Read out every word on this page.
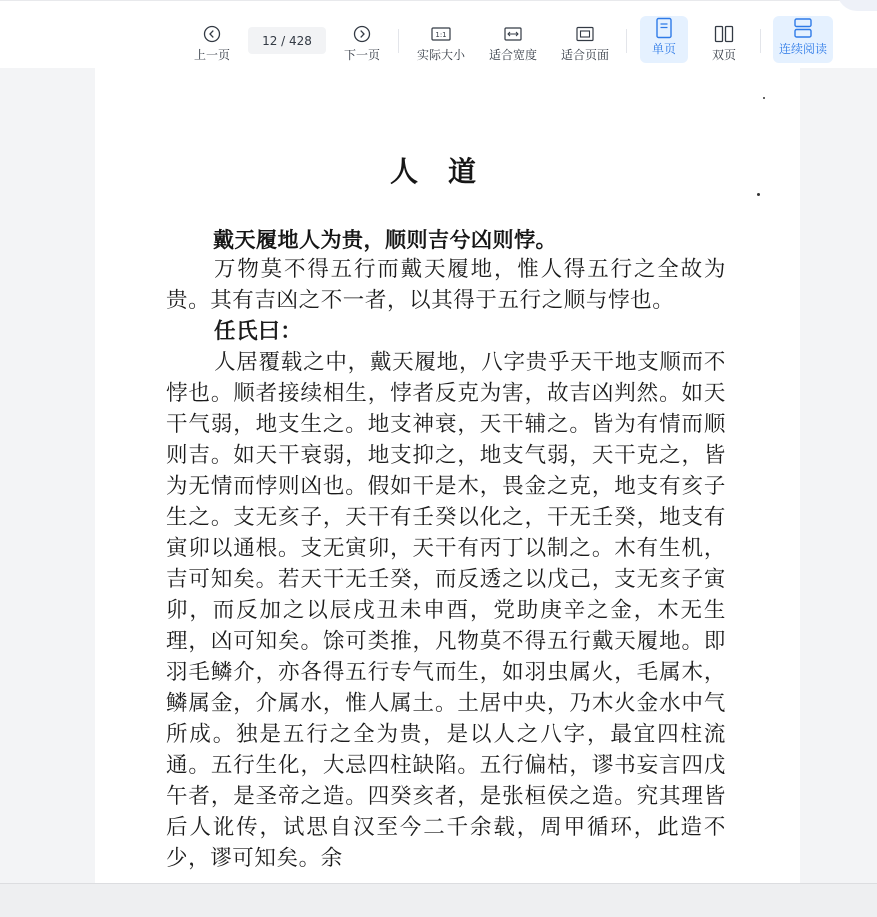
上一页
12 / 428
下一页
1:1
实际大小 适合宽度 适合页面	单页	双页	连续阅读
人道
戴天履地人为贵，顺则吉兮凶则悖。

万物莫不得五行而戴天履地，惟人得五行之全故为贵。其有吉凶之不一者，以其得于五行之顺与悖也。

任氏曰：

人居覆载之中，戴天履地，八字贵乎天干地支顺而不悖也。顺者接续相生，悖者反克为害，故吉凶判然。如天干气弱，地支生之。地支神衰，天干辅之。皆为有情而顺则吉。如天干衰弱，地支抑之，地支气弱，天干克之，皆为无情而悖则凶也。假如干是木，畏金之克，地支有亥子生之。支无亥子，天干有壬癸以化之，干无壬癸，地支有寅卯以通根。支无寅卯，天干有丙丁以制之。木有生机，吉可知矣。若天干无壬癸，而反透之以戊己，支无亥子寅卯，而反加之以辰戌丑未申酉，党助庚辛之金，木无生理，凶可知矣。馀可类推，凡物莫不得五行戴天履地。即羽毛鳞介，亦各得五行专气而生，如羽虫属火，毛属木，鳞属金，介属水，惟人属土。土居中央，乃木火金水中气所成。独是五行之全为贵，是以人之八字，最宜四柱流通。五行生化，大忌四柱缺陷。五行偏枯，谬书妄言四戊午者，是圣帝之造。四癸亥者，是张桓侯之造。究其理皆后人讹传，试思自汉至今二千余载，周甲循环，此造不少，谬可知矣。余
